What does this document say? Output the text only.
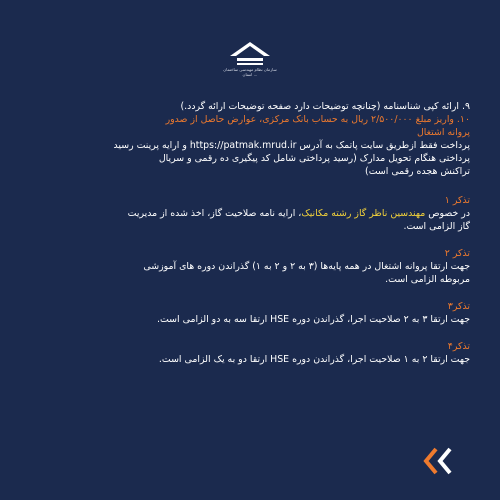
سازمان نظام مهندسی ساختمان
استان ...
۹. ارائه کپی شناسنامه (چنانچه توضیحات دارد صفحه توضیحات ارائه گردد.)
۱۰. واریز مبلغ ۲/۵۰۰/۰۰۰ ریال به حساب بانک مرکزی، عوارض حاصل از صدور
پروانه اشتغال
پرداخت فقط ازطریق سایت پاتمک به آدرس https://patmak.mrud.ir و ارایه پرینت رسید
پرداختی هنگام تحویل مدارک (رسید پرداختی شامل کد پیگیری ده رقمی و سریال
تراکنش هجده رقمی است)
تذکر ۱
در خصوص مهندسین ناظر گاز رشته مکانیک، ارایه نامه صلاحیت گاز، اخذ شده از مدیریت
گاز الزامی است.
تذکر ۲
جهت ارتقا پروانه اشتغال در همه پایه‌ها (۳ به ۲ و ۲ به ۱) گذراندن دوره های آموزشی
مربوطه الزامی است.
تذکر۳
جهت ارتقا ۳ به ۲ صلاحیت اجرا، گذراندن دوره HSE ارتقا سه به دو الزامی است.
تذکر۴
جهت ارتقا ۲ به ۱ صلاحیت اجرا، گذراندن دوره HSE ارتقا دو به یک الزامی است.
